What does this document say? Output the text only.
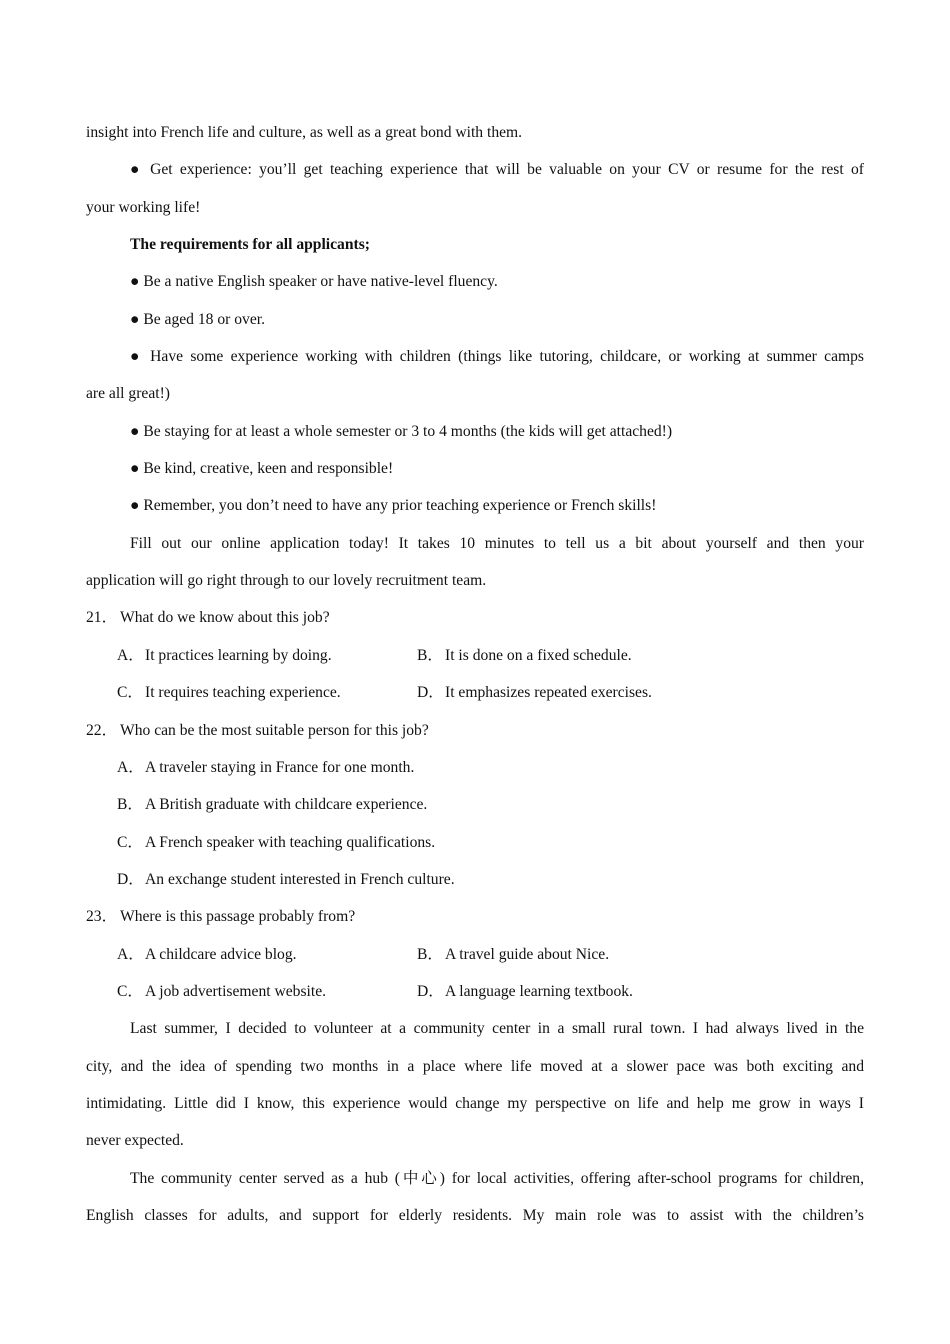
insight into French life and culture, as well as a great bond with them.
● Get experience: you’ll get teaching experience that will be valuable on your CV or resume for the rest of
your working life!
The requirements for all applicants;
● Be a native English speaker or have native-level fluency.
● Be aged 18 or over.
● Have some experience working with children (things like tutoring, childcare, or working at summer camps
are all great!)
● Be staying for at least a whole semester or 3 to 4 months (the kids will get attached!)
● Be kind, creative, keen and responsible!
● Remember, you don’t need to have any prior teaching experience or French skills!
Fill out our online application today! It takes 10 minutes to tell us a bit about yourself and then your
application will go right through to our lovely recruitment team.
21． What do we know about this job?
A．It practices learning by doing.	B． It is done on a fixed schedule.
C． It requires teaching experience.	D．It emphasizes repeated exercises.
22． Who can be the most suitable person for this job?
A．A traveler staying in France for one month.
B． A British graduate with childcare experience.
C． A French speaker with teaching qualifications.
D．An exchange student interested in French culture.
23． Where is this passage probably from?
A．A childcare advice blog.	B． A travel guide about Nice.
C． A job advertisement website.	D．A language learning textbook.
Last summer, I decided to volunteer at a community center in a small rural town. I had always lived in the
city, and the idea of spending two months in a place where life moved at a slower pace was both exciting and
intimidating. Little did I know, this experience would change my perspective on life and help me grow in ways I
never expected.
The community center served as a hub (中心) for local activities, offering after-school programs for children,
English classes for adults, and support for elderly residents. My main role was to assist with the children’s
